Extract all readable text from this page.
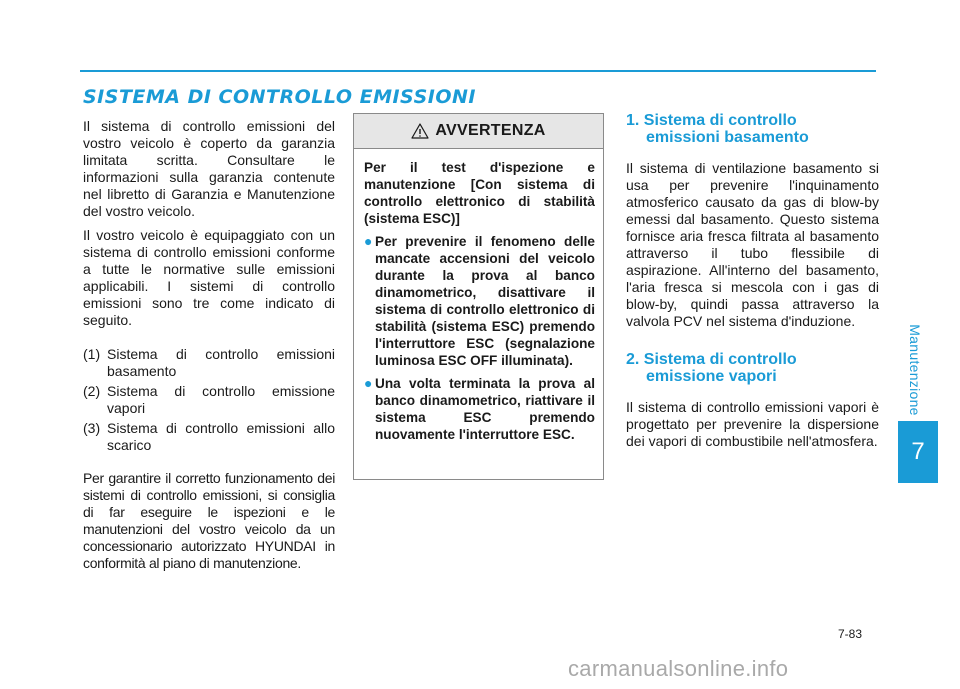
SISTEMA DI CONTROLLO EMISSIONI

Il sistema di controllo emissioni del vostro veicolo è coperto da garanzia limitata scritta. Consultare le informazioni sulla garanzia contenute nel libretto di Garanzia e Manutenzione del vostro veicolo.

Il vostro veicolo è equipaggiato con un sistema di controllo emissioni conforme a tutte le normative sulle emissioni applicabili. I sistemi di controllo emissioni sono tre come indicato di seguito.

(1) Sistema di controllo emissioni basamento
(2) Sistema di controllo emissione vapori
(3) Sistema di controllo emissioni allo scarico

Per garantire il corretto funzionamento dei sistemi di controllo emissioni, si consiglia di far eseguire le ispezioni e le manutenzioni del vostro veicolo da un concessionario autorizzato HYUNDAI in conformità al piano di manutenzione.

AVVERTENZA

Per il test d'ispezione e manutenzione [Con sistema di controllo elettronico di stabilità (sistema ESC)]

● Per prevenire il fenomeno delle mancate accensioni del veicolo durante la prova al banco dinamometrico, disattivare il sistema di controllo elettronico di stabilità (sistema ESC) premendo l'interruttore ESC (segnalazione luminosa ESC OFF illuminata).
● Una volta terminata la prova al banco dinamometrico, riattivare il sistema ESC premendo nuovamente l'interruttore ESC.
1. Sistema di controllo
emissioni basamento

Il sistema di ventilazione basamento si usa per prevenire l'inquinamento atmosferico causato da gas di blow-by emessi dal basamento. Questo sistema fornisce aria fresca filtrata al basamento attraverso il tubo flessibile di aspirazione. All'interno del basamento, l'aria fresca si mescola con i gas di blow-by, quindi passa attraverso la valvola PCV nel sistema d'induzione.

2. Sistema di controllo
emissione vapori

Il sistema di controllo emissioni vapori è progettato per prevenire la dispersione dei vapori di combustibile nell'atmosfera.

Manutenzione
7
7-83
carmanualsonline.info
